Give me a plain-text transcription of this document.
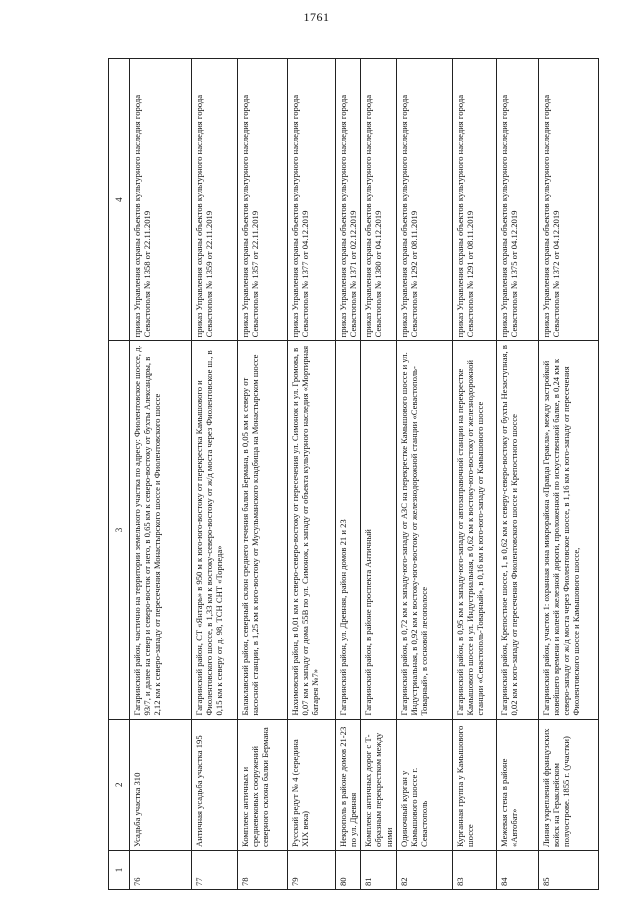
1761
1	2	3	4
76	Усадьба участка 310	Гагаринский район, частично на территории земельного участка по адресу: Фиолентовское шоссе, д. 93/7, и далее на север и северо-восток от него, в 0,65 км к северо-востоку от бухты Александры, в 2,12 км к северо-западу от пересечения Монастырского шоссе и Фиолентовского шоссе	приказ Управления охраны объектов культурного наследия города Севастополя № 1358 от 22.11.2019
77	Античная усадьба участка 195	Гагаринский район, СТ «Янтарь» в 950 м к юго-юго-востоку от перекрестка Камышового и Фиолентовского шоссе, в 1,33 км к востоку-северо-востоку от ж/д моста через Фиолентовское ш., в 0,15 км к северу от д. 98, ТСН СНТ «Торпеда»	приказ Управления охраны объектов культурного наследия города Севастополя № 1359 от 22.11.2019
78	Комплекс античных и средневековых сооружений северного склона балки Бермана	Балаклавский район, северный склон среднего течения балки Бермана, в 0,05 км к северу от насосной станции, в 1,25 км к юго-востоку от Мусульманского кладбища на Монастырском шоссе	приказ Управления охраны объектов культурного наследия города Севастополя № 1357 от 22.11.2019
79	Русский редут № 4 (середина XIX века)	Нахимовский район, в 0,01 км к северо-северо-востоку от пересечения ул. Симонок и ул. Громова, в 0,07 км к западу от дома 55В по ул. Симонок, к западу от объекта культурного наследия «Мортирная батарея №7»	приказ Управления охраны объектов культурного наследия города Севастополя № 1377 от 04.12.2019
80	Некрополь в районе домов 21-23 по ул. Древняя	Гагаринский район, ул. Древняя, район домов 21 и 23	приказ Управления охраны объектов культурного наследия города Севастополя № 1371 от 02.12.2019
81	Комплекс античных дорог с Т-образным перекрестком между ними	Гагаринский район, в районе проспекта Античный	приказ Управления охраны объектов культурного наследия города Севастополя № 1380 от 04.12.2019
82	Одиночный курган у Камышового шоссе г. Севастополь	Гагаринский район, в 0,72 км к западу-юго-западу от АЗС на перекрестке Камышового шоссе и ул. Индустриальная, в 0,92 км к востоку-юго-востоку от железнодорожной станции «Севастополь-Товарный», в сосновой лесополосе	приказ Управления охраны объектов культурного наследия города Севастополя № 1292 от 08.11.2019
83	Курганная группа у Камышового шоссе	Гагаринский район, в 0,95 км к западу-юго-западу от автозаправочной станции на перекрестке Камышового шоссе и ул. Индустриальная, в 0,62 км к востоку-юго-востоку от железнодорожной станции «Севастополь-Товарный», в 0,16 км к юго-юго-западу от Камышового шоссе	приказ Управления охраны объектов культурного наследия города Севастополя № 1291 от 08.11.2019
84	Межевая стена в районе «Автобат»	Гагаринский район, Крепостное шоссе, 1, в 0,62 км к северу-северо-востоку от бухты Незаступная, в 0,02 км к юго-западу от пересечения Фиолентовского шоссе и Крепостного шоссе	приказ Управления охраны объектов культурного наследия города Севастополя № 1375 от 04.12.2019
85	Линия укреплений французских войск на Гераклейском полуострове. 1855 г. (участки)	Гагаринский район, участок 1: охранная зона микрорайона «Правда Геракла», между застройкой новейшего времени и колеей железной дороги, проложенной по искусственной балке, в 0,24 км к северо-западу от ж/д моста через Фиолентовское шоссе, в 1,16 км к юго-западу от пересечения Фиолентовского шоссе и Камышового шоссе,	приказ Управления охраны объектов культурного наследия города Севастополя № 1372 от 04.12.2019
